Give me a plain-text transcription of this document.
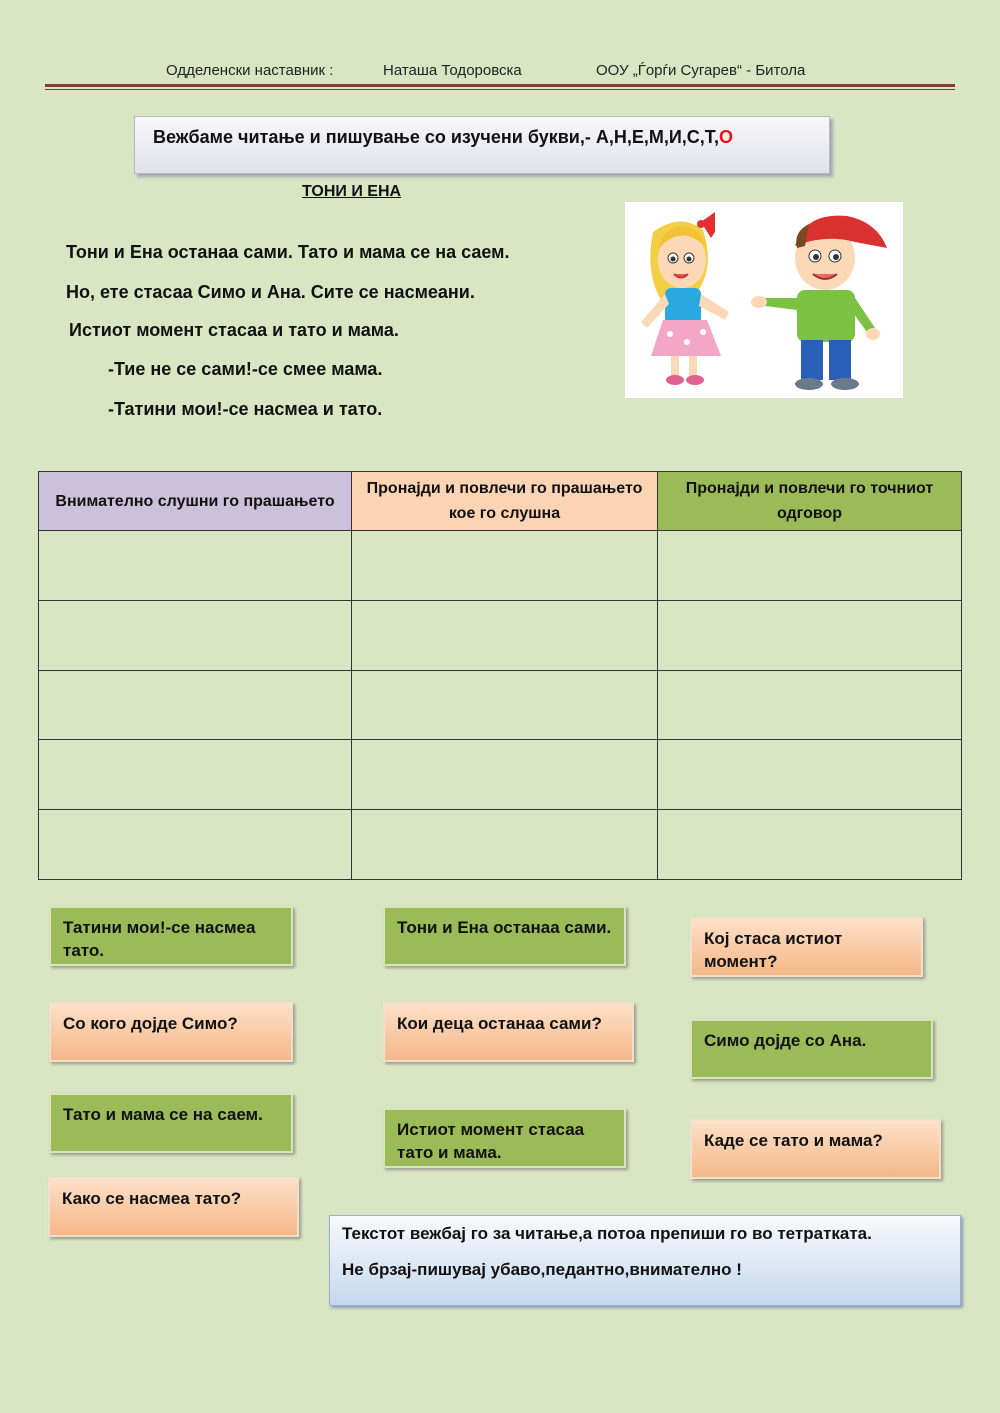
Одделенски наставник :	Наташа Тодоровска	ООУ „Ѓорѓи Сугарев“ - Битола
Вежбаме читање и пишување со изучени букви,- А,Н,Е,М,И,С,Т,О
ТОНИ И ЕНА
Тони и Ена останаа сами. Тато и мама се на саем.
Но, ете стасаа Симо и Ана. Сите се насмеани.
Истиот момент стасаа и тато и мама.
-Тие не се сами!-се смее мама.
-Татини мои!-се насмеа и тато.
Внимателно слушни го прашањето	Пронајди и повлечи го прашањето кое го слушна	Пронајди и повлечи го точниот одговор

Татини мои!-се насмеа тато.
Тони и Ена останаа сами.
Кој стаса истиот момент?
Со кого дојде Симо?	Кои деца останаа сами?
Симо дојде со Ана.
Тато и мама се на саем.
Истиот момент стасаа тато и мама.
Каде се тато и мама?
Како се насмеа тато?
Текстот вежбај го за читање,а потоа препиши го во тетратката.
Не брзај-пишувај убаво,педантно,внимателно !
